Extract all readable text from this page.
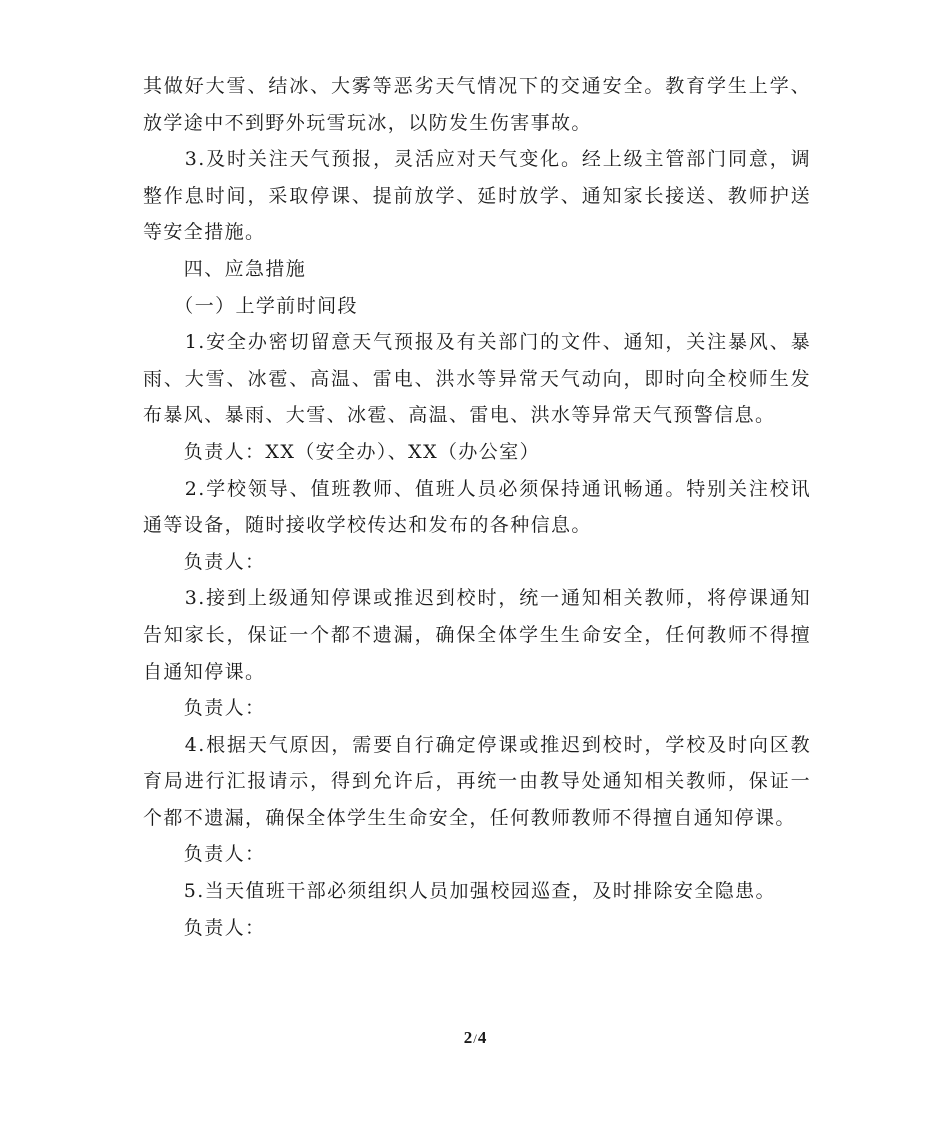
其做好大雪、结冰、大雾等恶劣天气情况下的交通安全。教育学生上学、放学途中不到野外玩雪玩冰，以防发生伤害事故。

　　3.及时关注天气预报，灵活应对天气变化。经上级主管部门同意，调整作息时间，采取停课、提前放学、延时放学、通知家长接送、教师护送等安全措施。

　　四、应急措施

　　（一）上学前时间段

　　1.安全办密切留意天气预报及有关部门的文件、通知，关注暴风、暴雨、大雪、冰雹、高温、雷电、洪水等异常天气动向，即时向全校师生发布暴风、暴雨、大雪、冰雹、高温、雷电、洪水等异常天气预警信息。

　　负责人：XX（安全办）、XX（办公室）

　　2.学校领导、值班教师、值班人员必须保持通讯畅通。特别关注校讯通等设备，随时接收学校传达和发布的各种信息。

　　负责人：

　　3.接到上级通知停课或推迟到校时，统一通知相关教师，将停课通知告知家长，保证一个都不遗漏，确保全体学生生命安全，任何教师不得擅自通知停课。

　　负责人：

　　4.根据天气原因，需要自行确定停课或推迟到校时，学校及时向区教育局进行汇报请示，得到允许后，再统一由教导处通知相关教师，保证一个都不遗漏，确保全体学生生命安全，任何教师教师不得擅自通知停课。

　　负责人：

　　5.当天值班干部必须组织人员加强校园巡查，及时排除安全隐患。

　　负责人：

2/4
